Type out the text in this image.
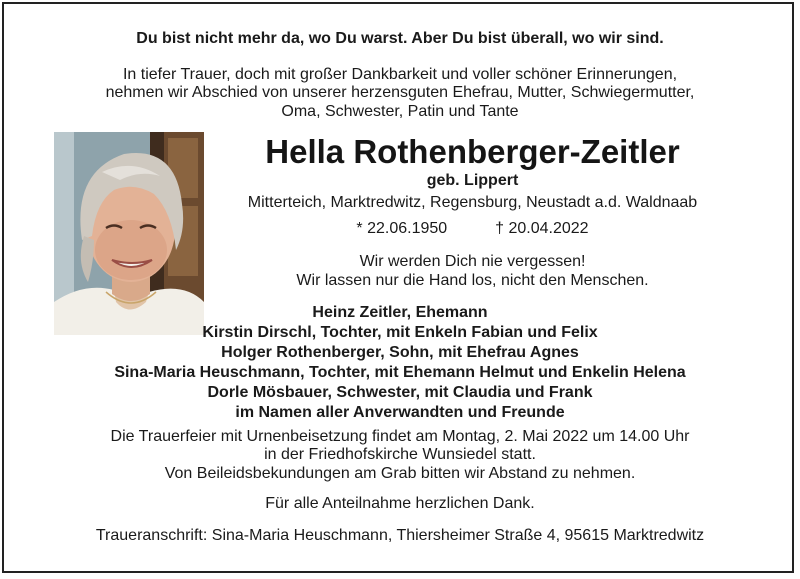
Du bist nicht mehr da, wo Du warst. Aber Du bist überall, wo wir sind.
In tiefer Trauer, doch mit großer Dankbarkeit und voller schöner Erinnerungen,
nehmen wir Abschied von unserer herzensguten Ehefrau, Mutter, Schwiegermutter,
Oma, Schwester, Patin und Tante
Hella Rothenberger-Zeitler
geb. Lippert
Mitterteich, Marktredwitz, Regensburg, Neustadt a.d. Waldnaab
* 22.06.1950	† 20.04.2022
Wir werden Dich nie vergessen!
Wir lassen nur die Hand los, nicht den Menschen.
Heinz Zeitler, Ehemann
Kirstin Dirschl, Tochter, mit Enkeln Fabian und Felix
Holger Rothenberger, Sohn, mit Ehefrau Agnes
Sina-Maria Heuschmann, Tochter, mit Ehemann Helmut und Enkelin Helena
Dorle Mösbauer, Schwester, mit Claudia und Frank
im Namen aller Anverwandten und Freunde
Die Trauerfeier mit Urnenbeisetzung findet am Montag, 2. Mai 2022 um 14.00 Uhr
in der Friedhofskirche Wunsiedel statt.
Von Beileidsbekundungen am Grab bitten wir Abstand zu nehmen.
Für alle Anteilnahme herzlichen Dank.
Traueranschrift: Sina-Maria Heuschmann, Thiersheimer Straße 4, 95615 Marktredwitz
